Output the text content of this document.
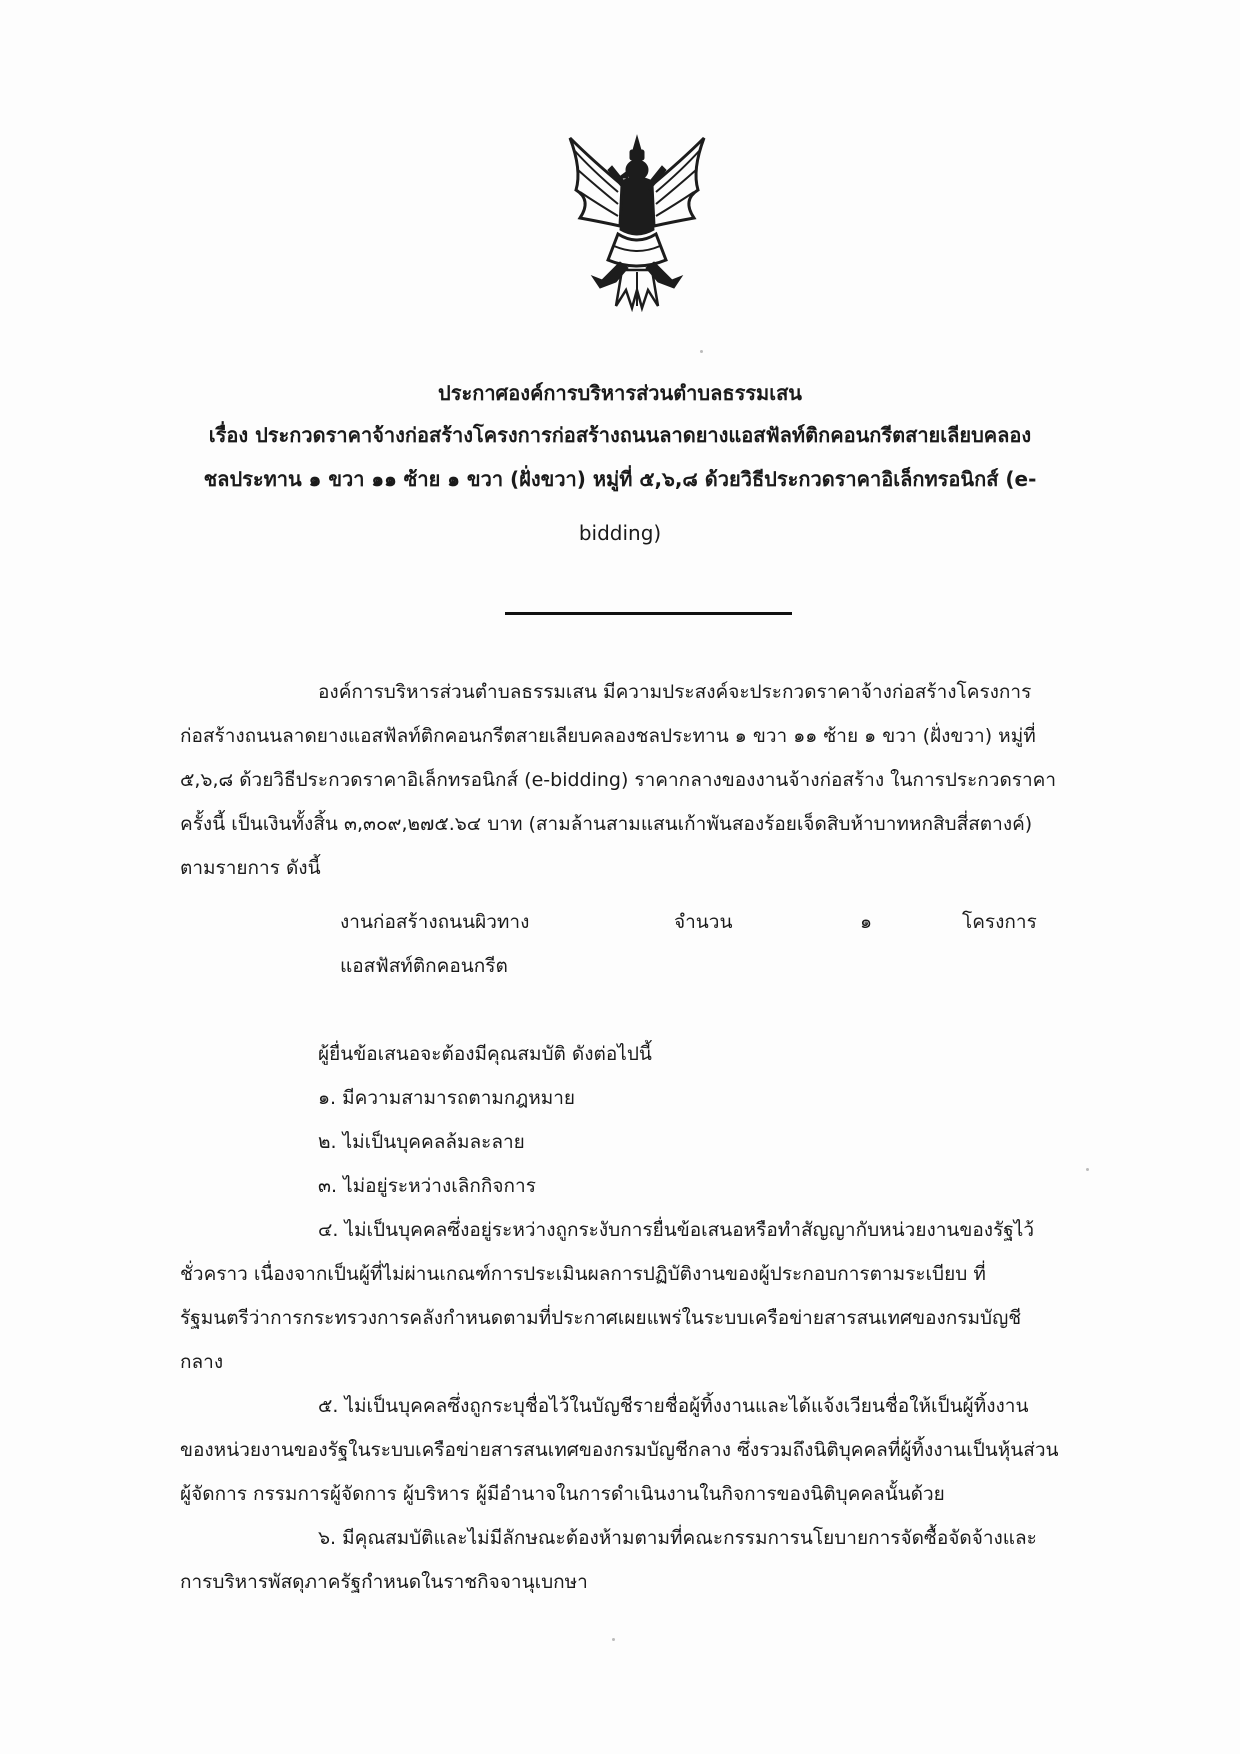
ประกาศองค์การบริหารส่วนตำบลธรรมเสน
เรื่อง ประกวดราคาจ้างก่อสร้างโครงการก่อสร้างถนนลาดยางแอสฟัลท์ติกคอนกรีตสายเลียบคลอง
ชลประทาน ๑ ขวา ๑๑ ซ้าย ๑ ขวา (ฝั่งขวา) หมู่ที่ ๕,๖,๘ ด้วยวิธีประกวดราคาอิเล็กทรอนิกส์ (e-
bidding)
องค์การบริหารส่วนตำบลธรรมเสน มีความประสงค์จะประกวดราคาจ้างก่อสร้างโครงการ
ก่อสร้างถนนลาดยางแอสฟัลท์ติกคอนกรีตสายเลียบคลองชลประทาน ๑ ขวา ๑๑ ซ้าย ๑ ขวา (ฝั่งขวา) หมู่ที่
๕,๖,๘ ด้วยวิธีประกวดราคาอิเล็กทรอนิกส์ (e-bidding) ราคากลางของงานจ้างก่อสร้าง ในการประกวดราคา
ครั้งนี้ เป็นเงินทั้งสิ้น ๓,๓๐๙,๒๗๕.๖๔ บาท (สามล้านสามแสนเก้าพันสองร้อยเจ็ดสิบห้าบาทหกสิบสี่สตางค์)
ตามรายการ ดังนี้
งานก่อสร้างถนนผิวทาง	จำนวน	๑	โครงการ
แอสฟัสท์ติกคอนกรีต
ผู้ยื่นข้อเสนอจะต้องมีคุณสมบัติ ดังต่อไปนี้
๑. มีความสามารถตามกฎหมาย
๒. ไม่เป็นบุคคลล้มละลาย
๓. ไม่อยู่ระหว่างเลิกกิจการ
๔. ไม่เป็นบุคคลซึ่งอยู่ระหว่างถูกระงับการยื่นข้อเสนอหรือทำสัญญากับหน่วยงานของรัฐไว้
ชั่วคราว เนื่องจากเป็นผู้ที่ไม่ผ่านเกณฑ์การประเมินผลการปฏิบัติงานของผู้ประกอบการตามระเบียบ ที่
รัฐมนตรีว่าการกระทรวงการคลังกำหนดตามที่ประกาศเผยแพร่ในระบบเครือข่ายสารสนเทศของกรมบัญชี
กลาง
๕. ไม่เป็นบุคคลซึ่งถูกระบุชื่อไว้ในบัญชีรายชื่อผู้ทิ้งงานและได้แจ้งเวียนชื่อให้เป็นผู้ทิ้งงาน
ของหน่วยงานของรัฐในระบบเครือข่ายสารสนเทศของกรมบัญชีกลาง ซึ่งรวมถึงนิติบุคคลที่ผู้ทิ้งงานเป็นหุ้นส่วน
ผู้จัดการ กรรมการผู้จัดการ ผู้บริหาร ผู้มีอำนาจในการดำเนินงานในกิจการของนิติบุคคลนั้นด้วย
๖. มีคุณสมบัติและไม่มีลักษณะต้องห้ามตามที่คณะกรรมการนโยบายการจัดซื้อจัดจ้างและ
การบริหารพัสดุภาครัฐกำหนดในราชกิจจานุเบกษา
